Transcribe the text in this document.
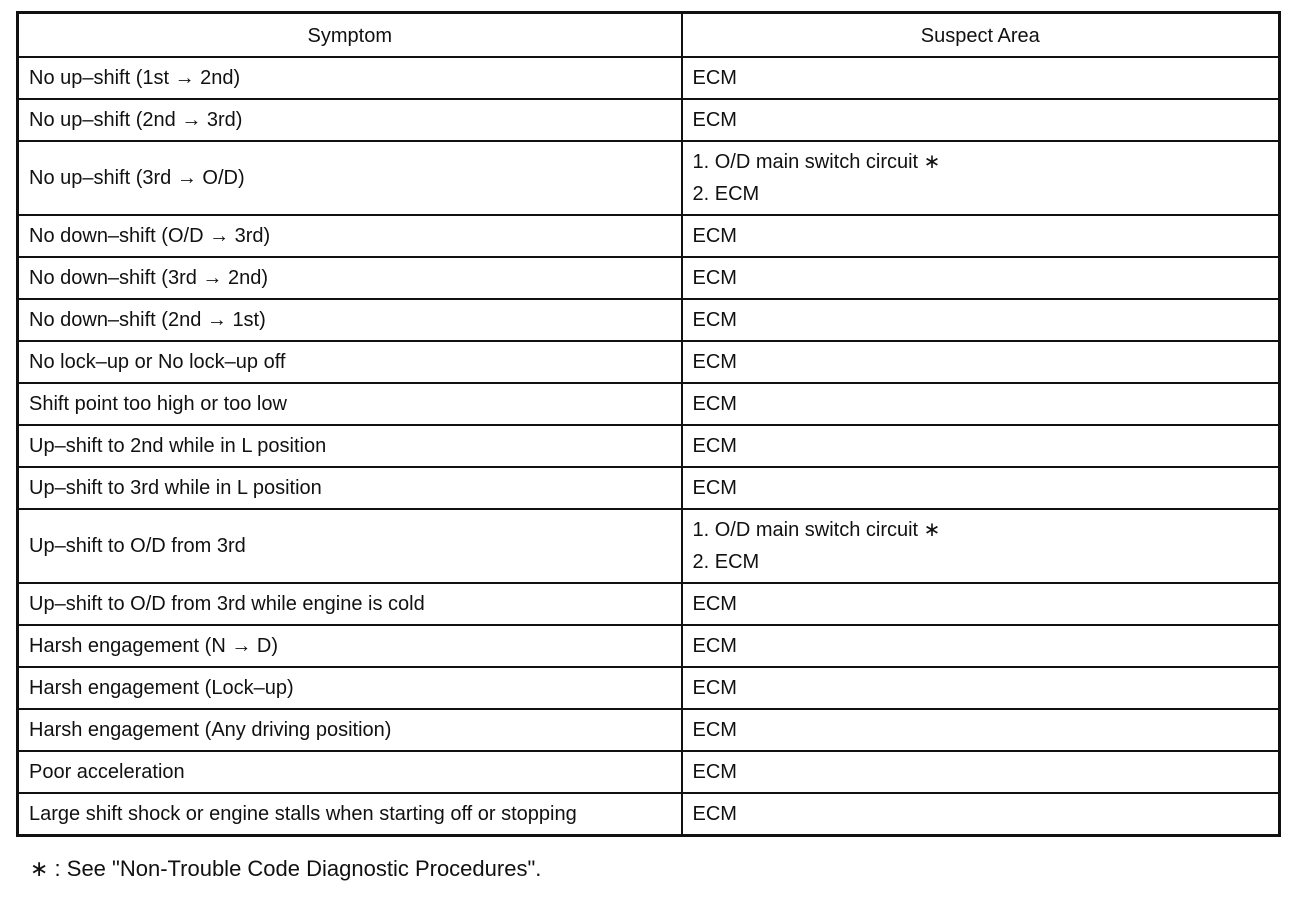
Symptom	Suspect Area
No up–shift (1st → 2nd)	ECM
No up–shift (2nd → 3rd)	ECM
No up–shift (3rd → O/D)	1. O/D main switch circuit ∗
2. ECM

No down–shift (O/D → 3rd)	ECM
No down–shift (3rd → 2nd)	ECM
No down–shift (2nd → 1st)	ECM
No lock–up or No lock–up off	ECM
Shift point too high or too low	ECM
Up–shift to 2nd while in L position	ECM
Up–shift to 3rd while in L position	ECM
Up–shift to O/D from 3rd	1. O/D main switch circuit ∗
2. ECM

Up–shift to O/D from 3rd while engine is cold	ECM
Harsh engagement (N → D)	ECM
Harsh engagement (Lock–up)	ECM
Harsh engagement (Any driving position)	ECM
Poor acceleration	ECM
Large shift shock or engine stalls when starting off or stopping	ECM
∗ : See "Non-Trouble Code Diagnostic Procedures".
